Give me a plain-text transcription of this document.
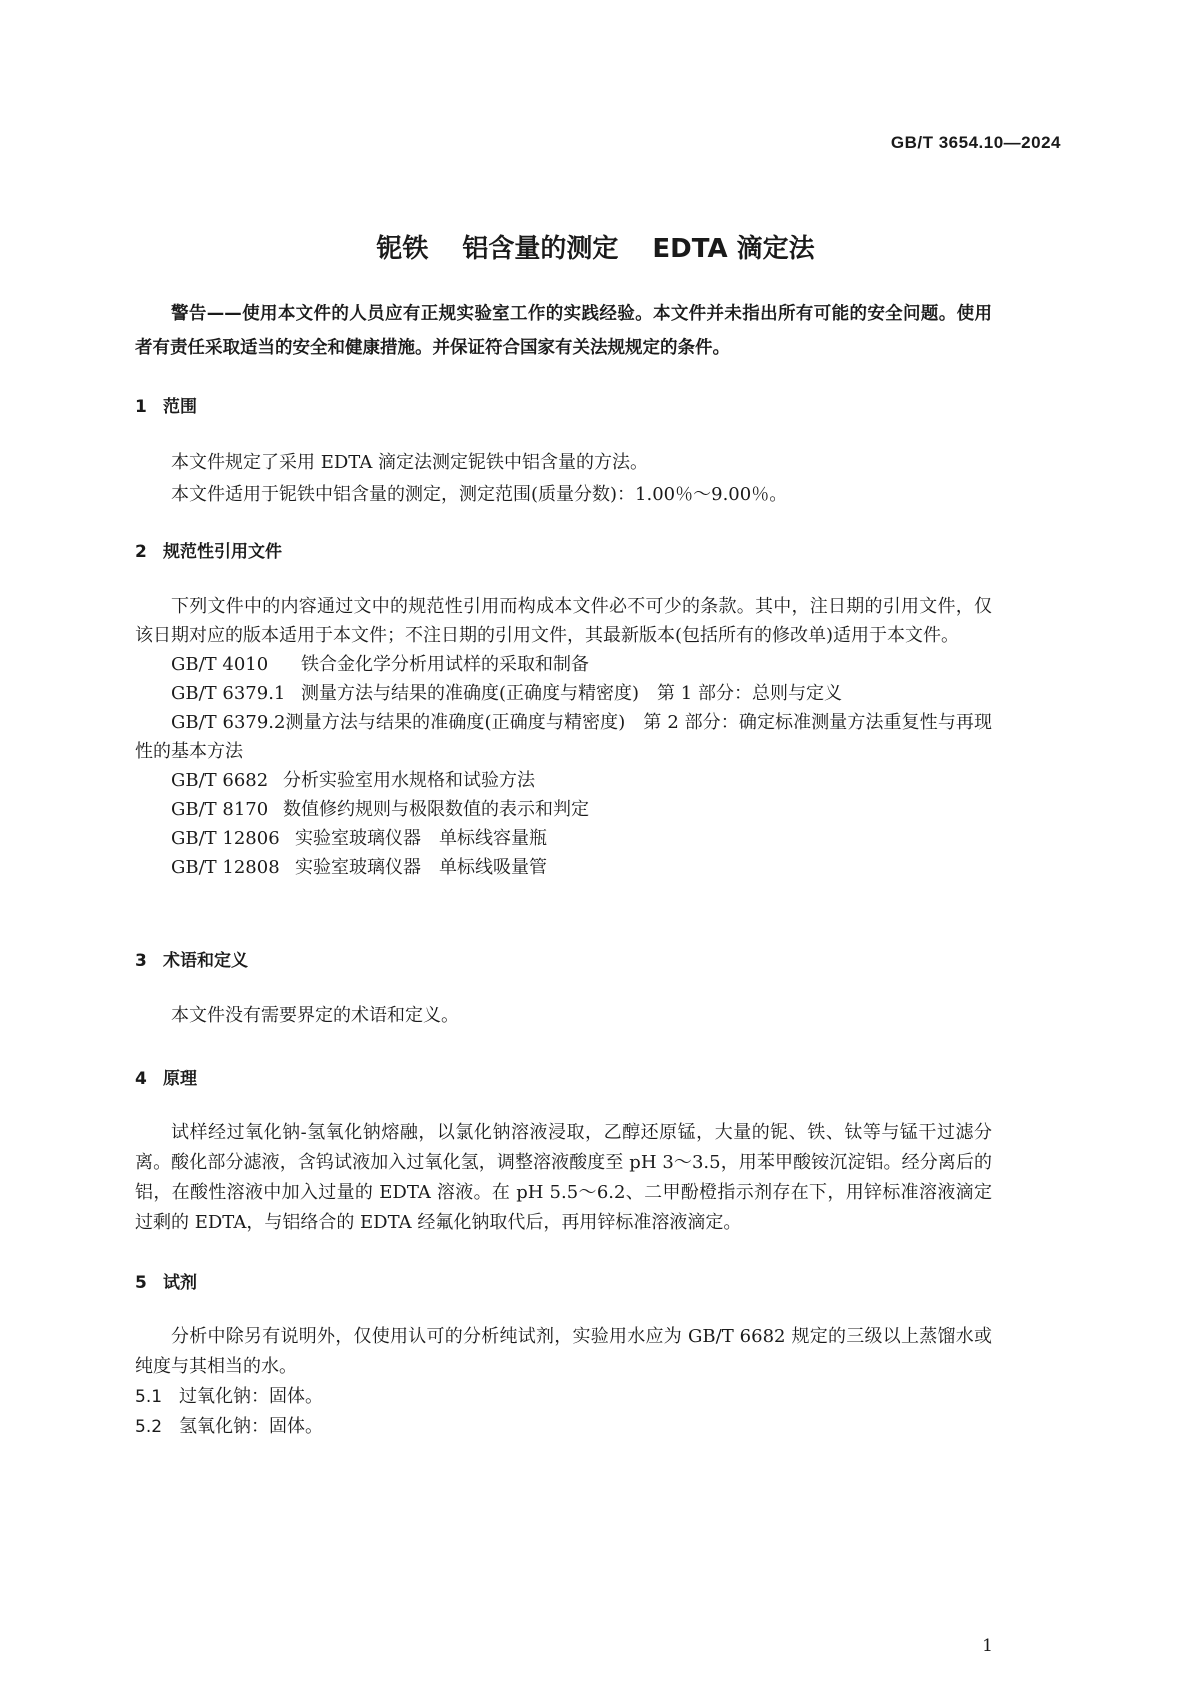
GB/T 3654.10—2024
铌铁 铝含量的测定 EDTA 滴定法

警告——使用本文件的人员应有正规实验室工作的实践经验。本文件并未指出所有可能的安全问题。使用者有责任采取适当的安全和健康措施。并保证符合国家有关法规规定的条件。

1 范围

本文件规定了采用 EDTA 滴定法测定铌铁中铝含量的方法。

本文件适用于铌铁中铝含量的测定，测定范围(质量分数)：1.00％～9.00％。

2 规范性引用文件

下列文件中的内容通过文中的规范性引用而构成本文件必不可少的条款。其中，注日期的引用文件，仅该日期对应的版本适用于本文件；不注日期的引用文件，其最新版本(包括所有的修改单)适用于本文件。

GB/T 4010 铁合金化学分析用试样的采取和制备

GB/T 6379.1 测量方法与结果的准确度(正确度与精密度)　第 1 部分：总则与定义

GB/T 6379.2测量方法与结果的准确度(正确度与精密度)　第 2 部分：确定标准测量方法重复性与再现性的基本方法

GB/T 6682 分析实验室用水规格和试验方法

GB/T 8170 数值修约规则与极限数值的表示和判定

GB/T 12806 实验室玻璃仪器　单标线容量瓶

GB/T 12808 实验室玻璃仪器　单标线吸量管

3 术语和定义

本文件没有需要界定的术语和定义。

4 原理

试样经过氧化钠-氢氧化钠熔融，以氯化钠溶液浸取，乙醇还原锰，大量的铌、铁、钛等与锰干过滤分离。酸化部分滤液，含钨试液加入过氧化氢，调整溶液酸度至 pH 3～3.5，用苯甲酸铵沉淀铝。经分离后的铝，在酸性溶液中加入过量的 EDTA 溶液。在 pH 5.5～6.2、二甲酚橙指示剂存在下，用锌标准溶液滴定过剩的 EDTA，与铝络合的 EDTA 经氟化钠取代后，再用锌标准溶液滴定。

5 试剂

分析中除另有说明外，仅使用认可的分析纯试剂，实验用水应为 GB/T 6682 规定的三级以上蒸馏水或纯度与其相当的水。

5.1 过氧化钠：固体。

5.2 氢氧化钠：固体。

1
